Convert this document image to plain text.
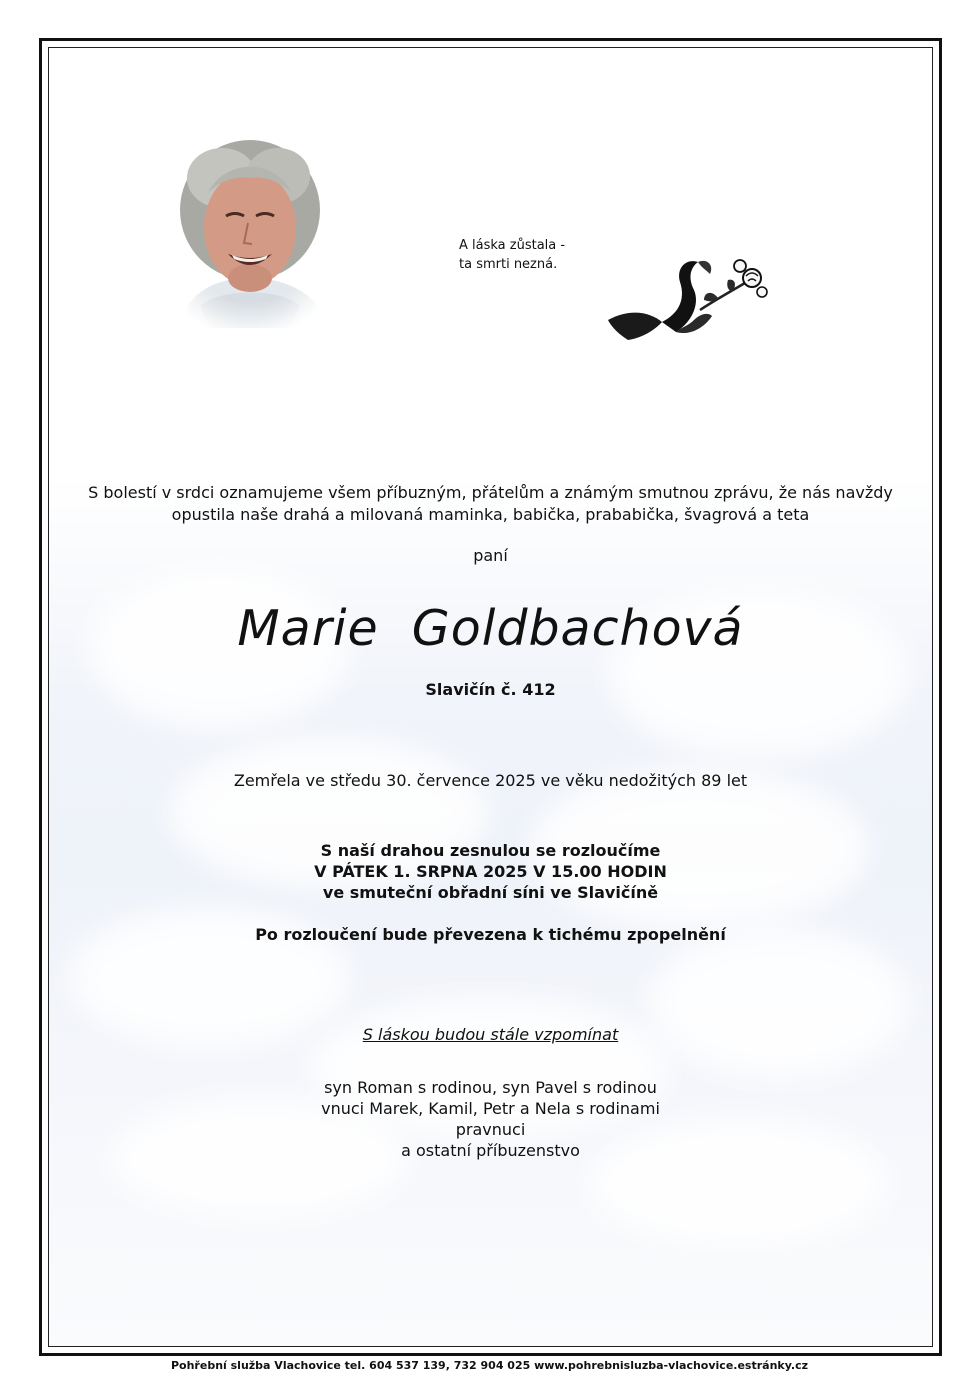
A láska zůstala -
ta smrti nezná.
S bolestí v srdci oznamujeme všem příbuzným, přátelům a známým smutnou zprávu, že nás navždy
opustila naše drahá a milovaná maminka, babička, prababička, švagrová a teta
paní
Marie Goldbachová
Slavičín č. 412
Zemřela ve středu 30. července 2025 ve věku nedožitých 89 let
S naší drahou zesnulou se rozloučíme
V PÁTEK 1. SRPNA 2025 V 15.00 HODIN
ve smuteční obřadní síni ve Slavičíně
Po rozloučení bude převezena k tichému zpopelnění
S láskou budou stále vzpomínat
syn Roman s rodinou, syn Pavel s rodinou
vnuci Marek, Kamil, Petr a Nela s rodinami
pravnuci
a ostatní příbuzenstvo
Pohřební služba Vlachovice tel. 604 537 139, 732 904 025 www.pohrebnisluzba-vlachovice.estránky.cz
